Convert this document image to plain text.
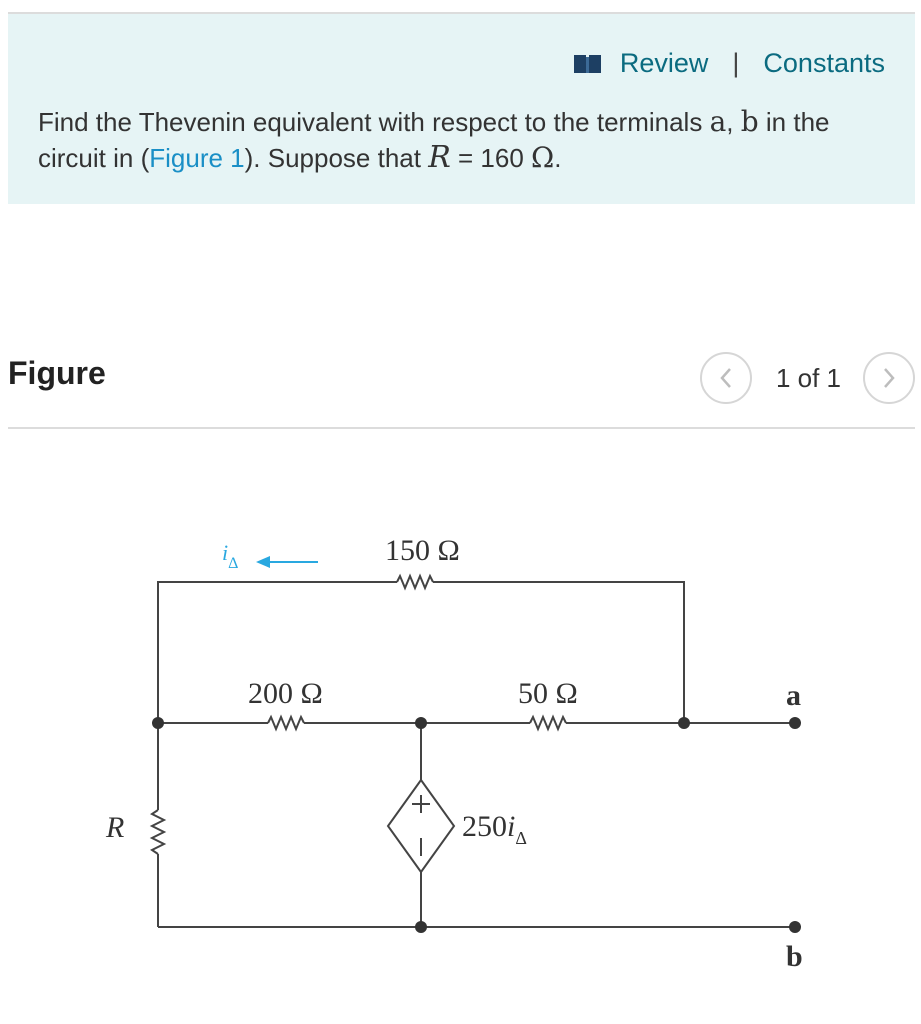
Review | Constants

Find the Thevenin equivalent with respect to the terminals a, b in the circuit in (Figure 1). Suppose that R = 160 Ω.

Figure	1 of 1
$i_\Delta$	150 Ω
200 Ω	50 Ω
R	$250i_\Delta$
a
b
